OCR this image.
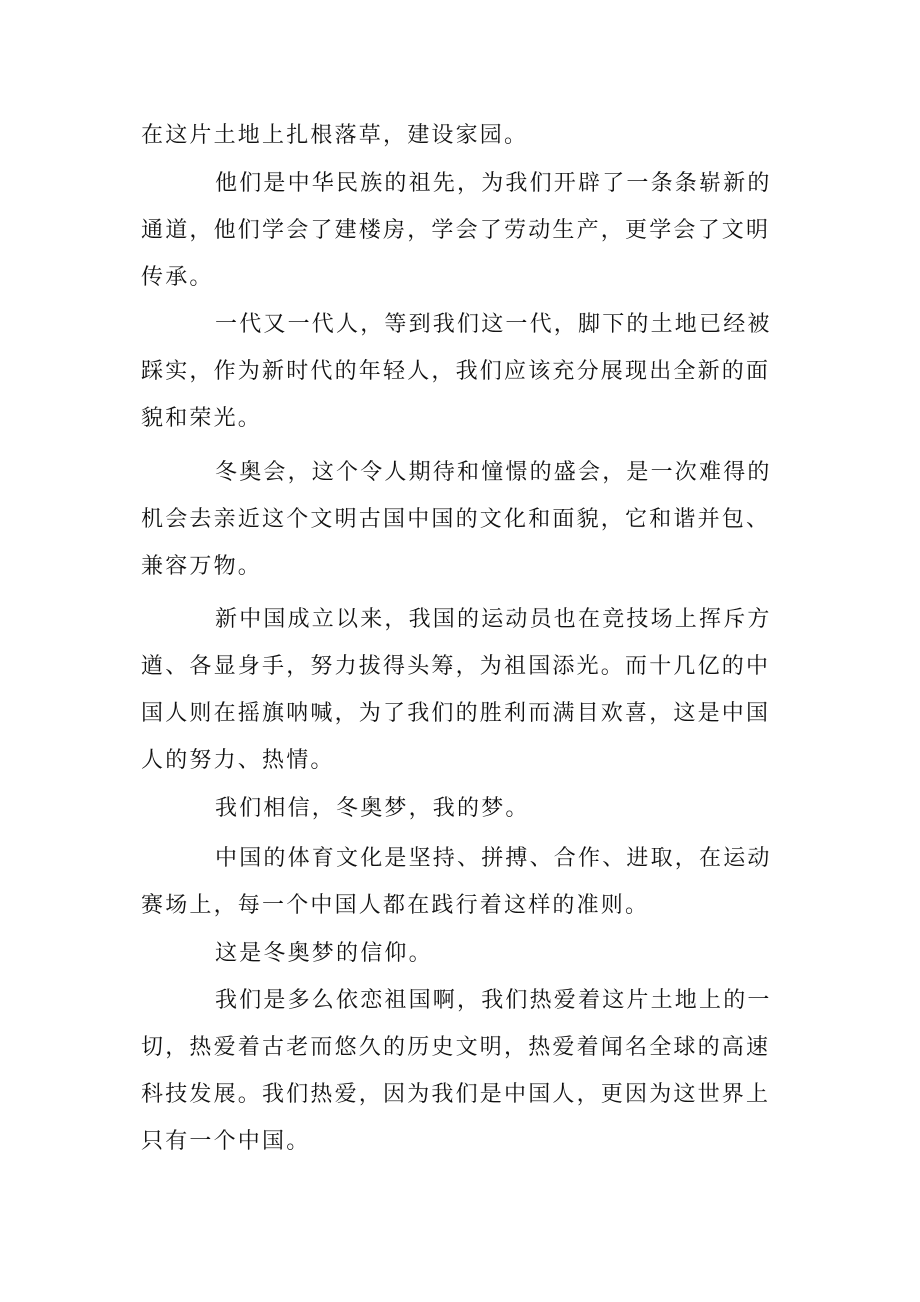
在这片土地上扎根落草，建设家园。
他们是中华民族的祖先，为我们开辟了一条条崭新的
通道，他们学会了建楼房，学会了劳动生产，更学会了文明
传承。
一代又一代人，等到我们这一代，脚下的土地已经被
踩实，作为新时代的年轻人，我们应该充分展现出全新的面
貌和荣光。
冬奥会，这个令人期待和憧憬的盛会，是一次难得的
机会去亲近这个文明古国中国的文化和面貌，它和谐并包、
兼容万物。
新中国成立以来，我国的运动员也在竞技场上挥斥方
遒、各显身手，努力拔得头筹，为祖国添光。而十几亿的中
国人则在摇旗呐喊，为了我们的胜利而满目欢喜，这是中国
人的努力、热情。
我们相信，冬奥梦，我的梦。
中国的体育文化是坚持、拼搏、合作、进取，在运动
赛场上，每一个中国人都在践行着这样的准则。
这是冬奥梦的信仰。
我们是多么依恋祖国啊，我们热爱着这片土地上的一
切，热爱着古老而悠久的历史文明，热爱着闻名全球的高速
科技发展。我们热爱，因为我们是中国人，更因为这世界上
只有一个中国。
